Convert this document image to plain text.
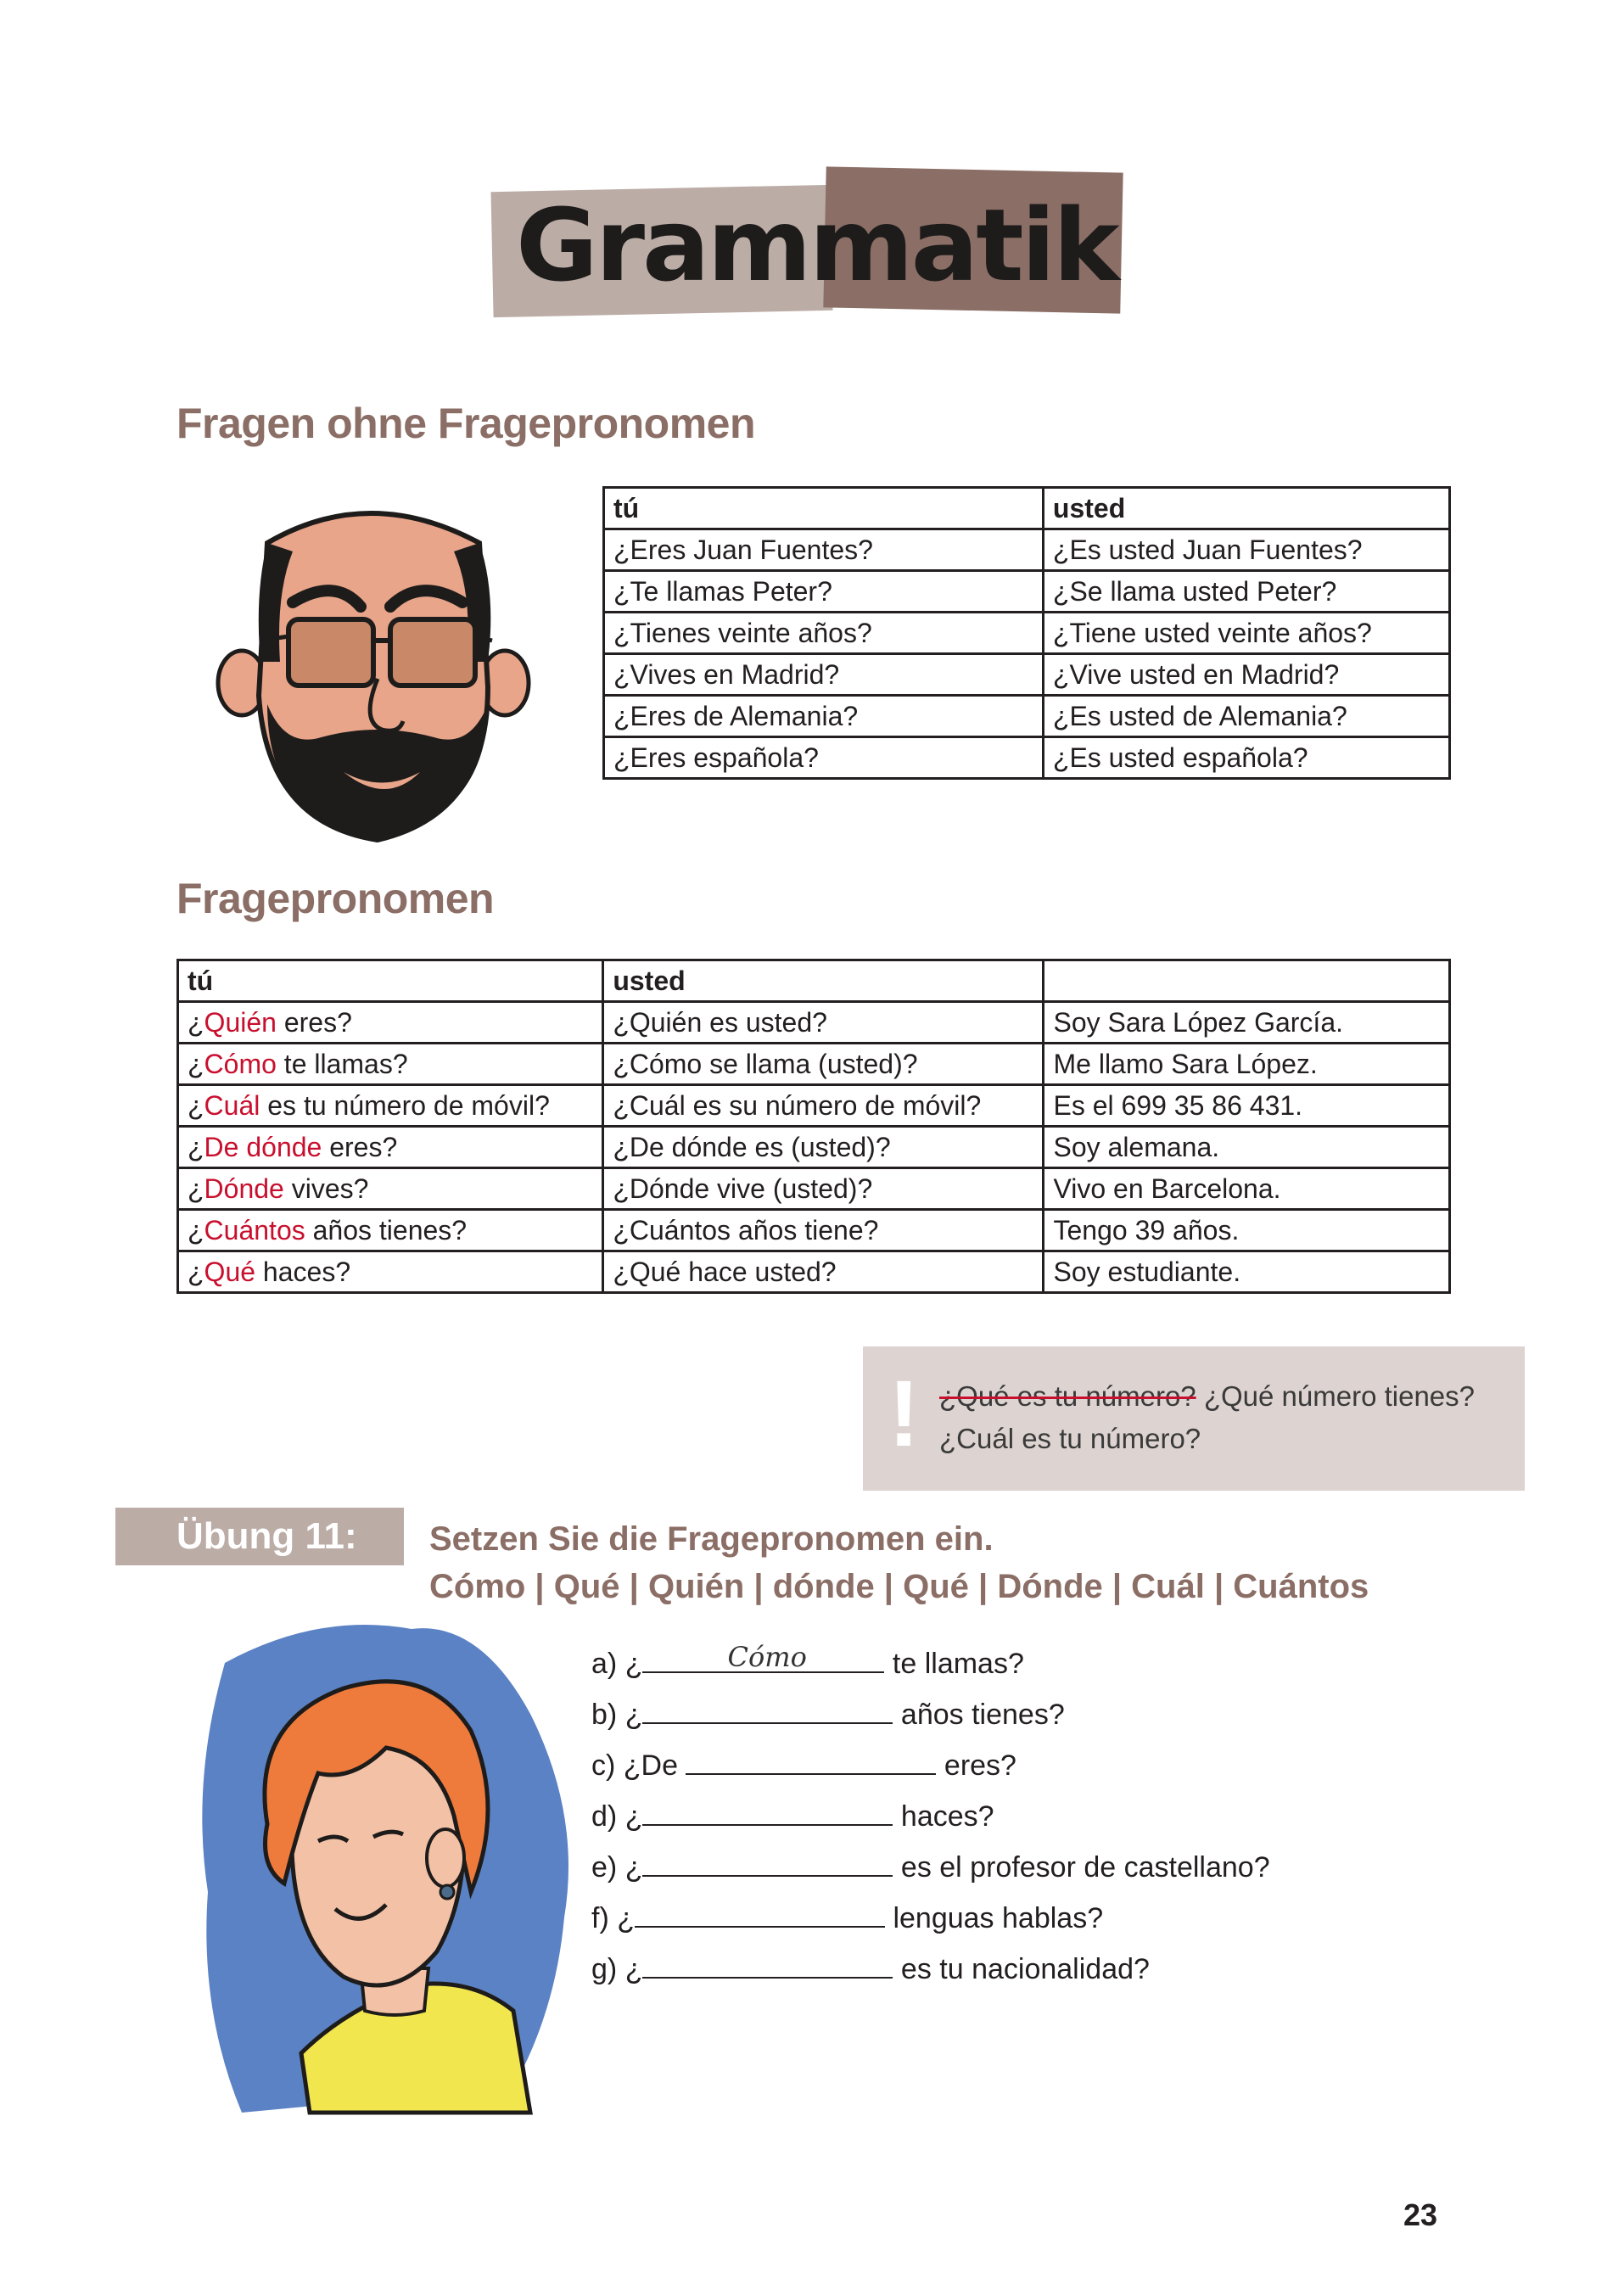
Grammatik
Fragen ohne Fragepronomen
tú	usted
¿Eres Juan Fuentes?	¿Es usted Juan Fuentes?
¿Te llamas Peter?	¿Se llama usted Peter?
¿Tienes veinte años?	¿Tiene usted veinte años?
¿Vives en Madrid?	¿Vive usted en Madrid?
¿Eres de Alemania?	¿Es usted de Alemania?
¿Eres española?	¿Es usted española?
Fragepronomen
tú	usted	
¿Quién eres?	¿Quién es usted?	Soy Sara López García.
¿Cómo te llamas?	¿Cómo se llama (usted)?	Me llamo Sara López.
¿Cuál es tu número de móvil?	¿Cuál es su número de móvil?	Es el 699 35 86 431.
¿De dónde eres?	¿De dónde es (usted)?	Soy alemana.
¿Dónde vives?	¿Dónde vive (usted)?	Vivo en Barcelona.
¿Cuántos años tienes?	¿Cuántos años tiene?	Tengo 39 años.
¿Qué haces?	¿Qué hace usted?	Soy estudiante.
! ¿Qué es tu número? ¿Qué número tienes?
¿Cuál es tu número?
Übung 11:	Setzen Sie die Fragepronomen ein.
Cómo | Qué | Quién | dónde | Qué | Dónde | Cuál | Cuántos
a) ¿	Cómo	te llamas?
b) ¿	años tienes?
c) ¿De	eres?
d) ¿	haces?
e) ¿	es el profesor de castellano?
f) ¿	lenguas hablas?
g) ¿	es tu nacionalidad?
23
